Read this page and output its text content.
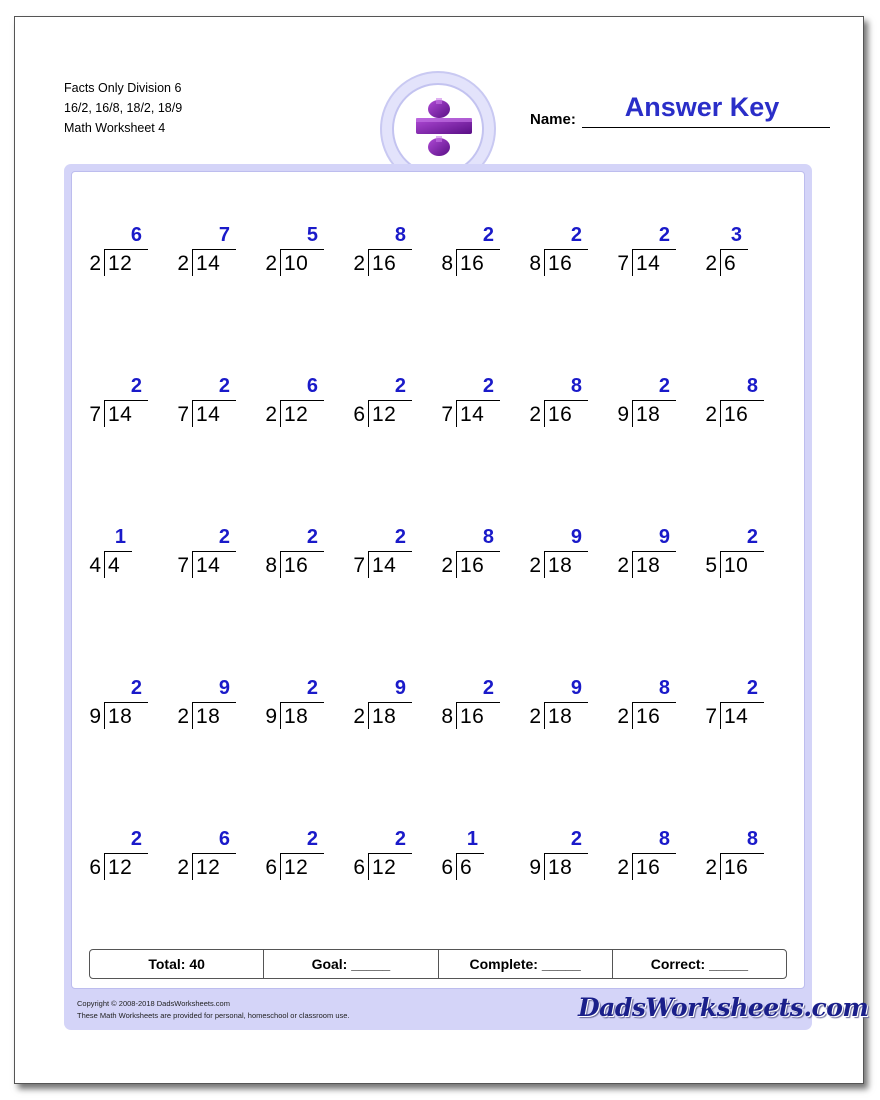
Facts Only Division 6
16/2, 16/8, 18/2, 18/9
Math Worksheet 4	Name:	Answer Key
6
2 12
7
2 14
5
2 10
8
2 16
2
8 16
2
8 16
2
7 14
3
2 6
2
7 14
2
7 14
6
2 12
2
6 12
2
7 14
8
2 16
2
9 18
8
2 16
1
4 4
2
7 14
2
8 16
2
7 14
8
2 16
9
2 18
9
2 18
2
5 10
2
9 18
9
2 18
2
9 18
9
2 18
2
8 16
9
2 18
8
2 16
2
7 14
2
6 12
6
2 12
2
6 12
2
6 12
1
6 6
2
9 18
8
2 16
8
2 16
Total: 40	Goal: _____	Complete: _____	Correct: _____
Copyright © 2008-2018 DadsWorksheets.com
These Math Worksheets are provided for personal, homeschool or classroom use.	DadsWorksheets.com
